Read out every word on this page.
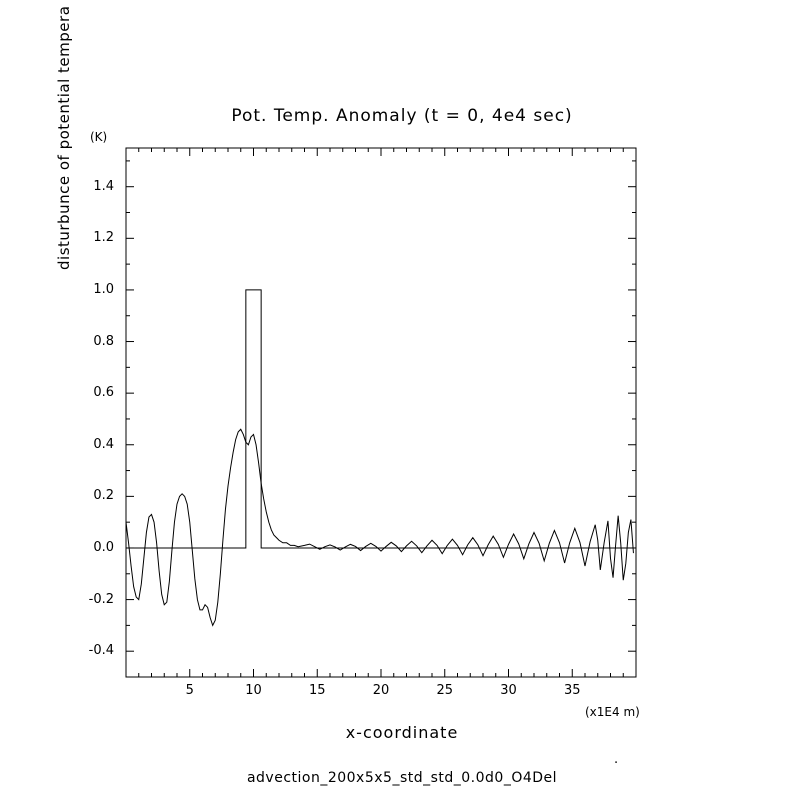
Pot. Temp. Anomaly (t = 0, 4e4 sec)
(K)
disturbunce of potential tempera
x-coordinate
(x1E4 m)
.
advection_200x5x5_std_std_0.0d0_O4Del
-0.4
-0.2
0.0
0.2
0.4
0.6
0.8
1.0
1.2
1.4
5	10	15	20	25	30	35
